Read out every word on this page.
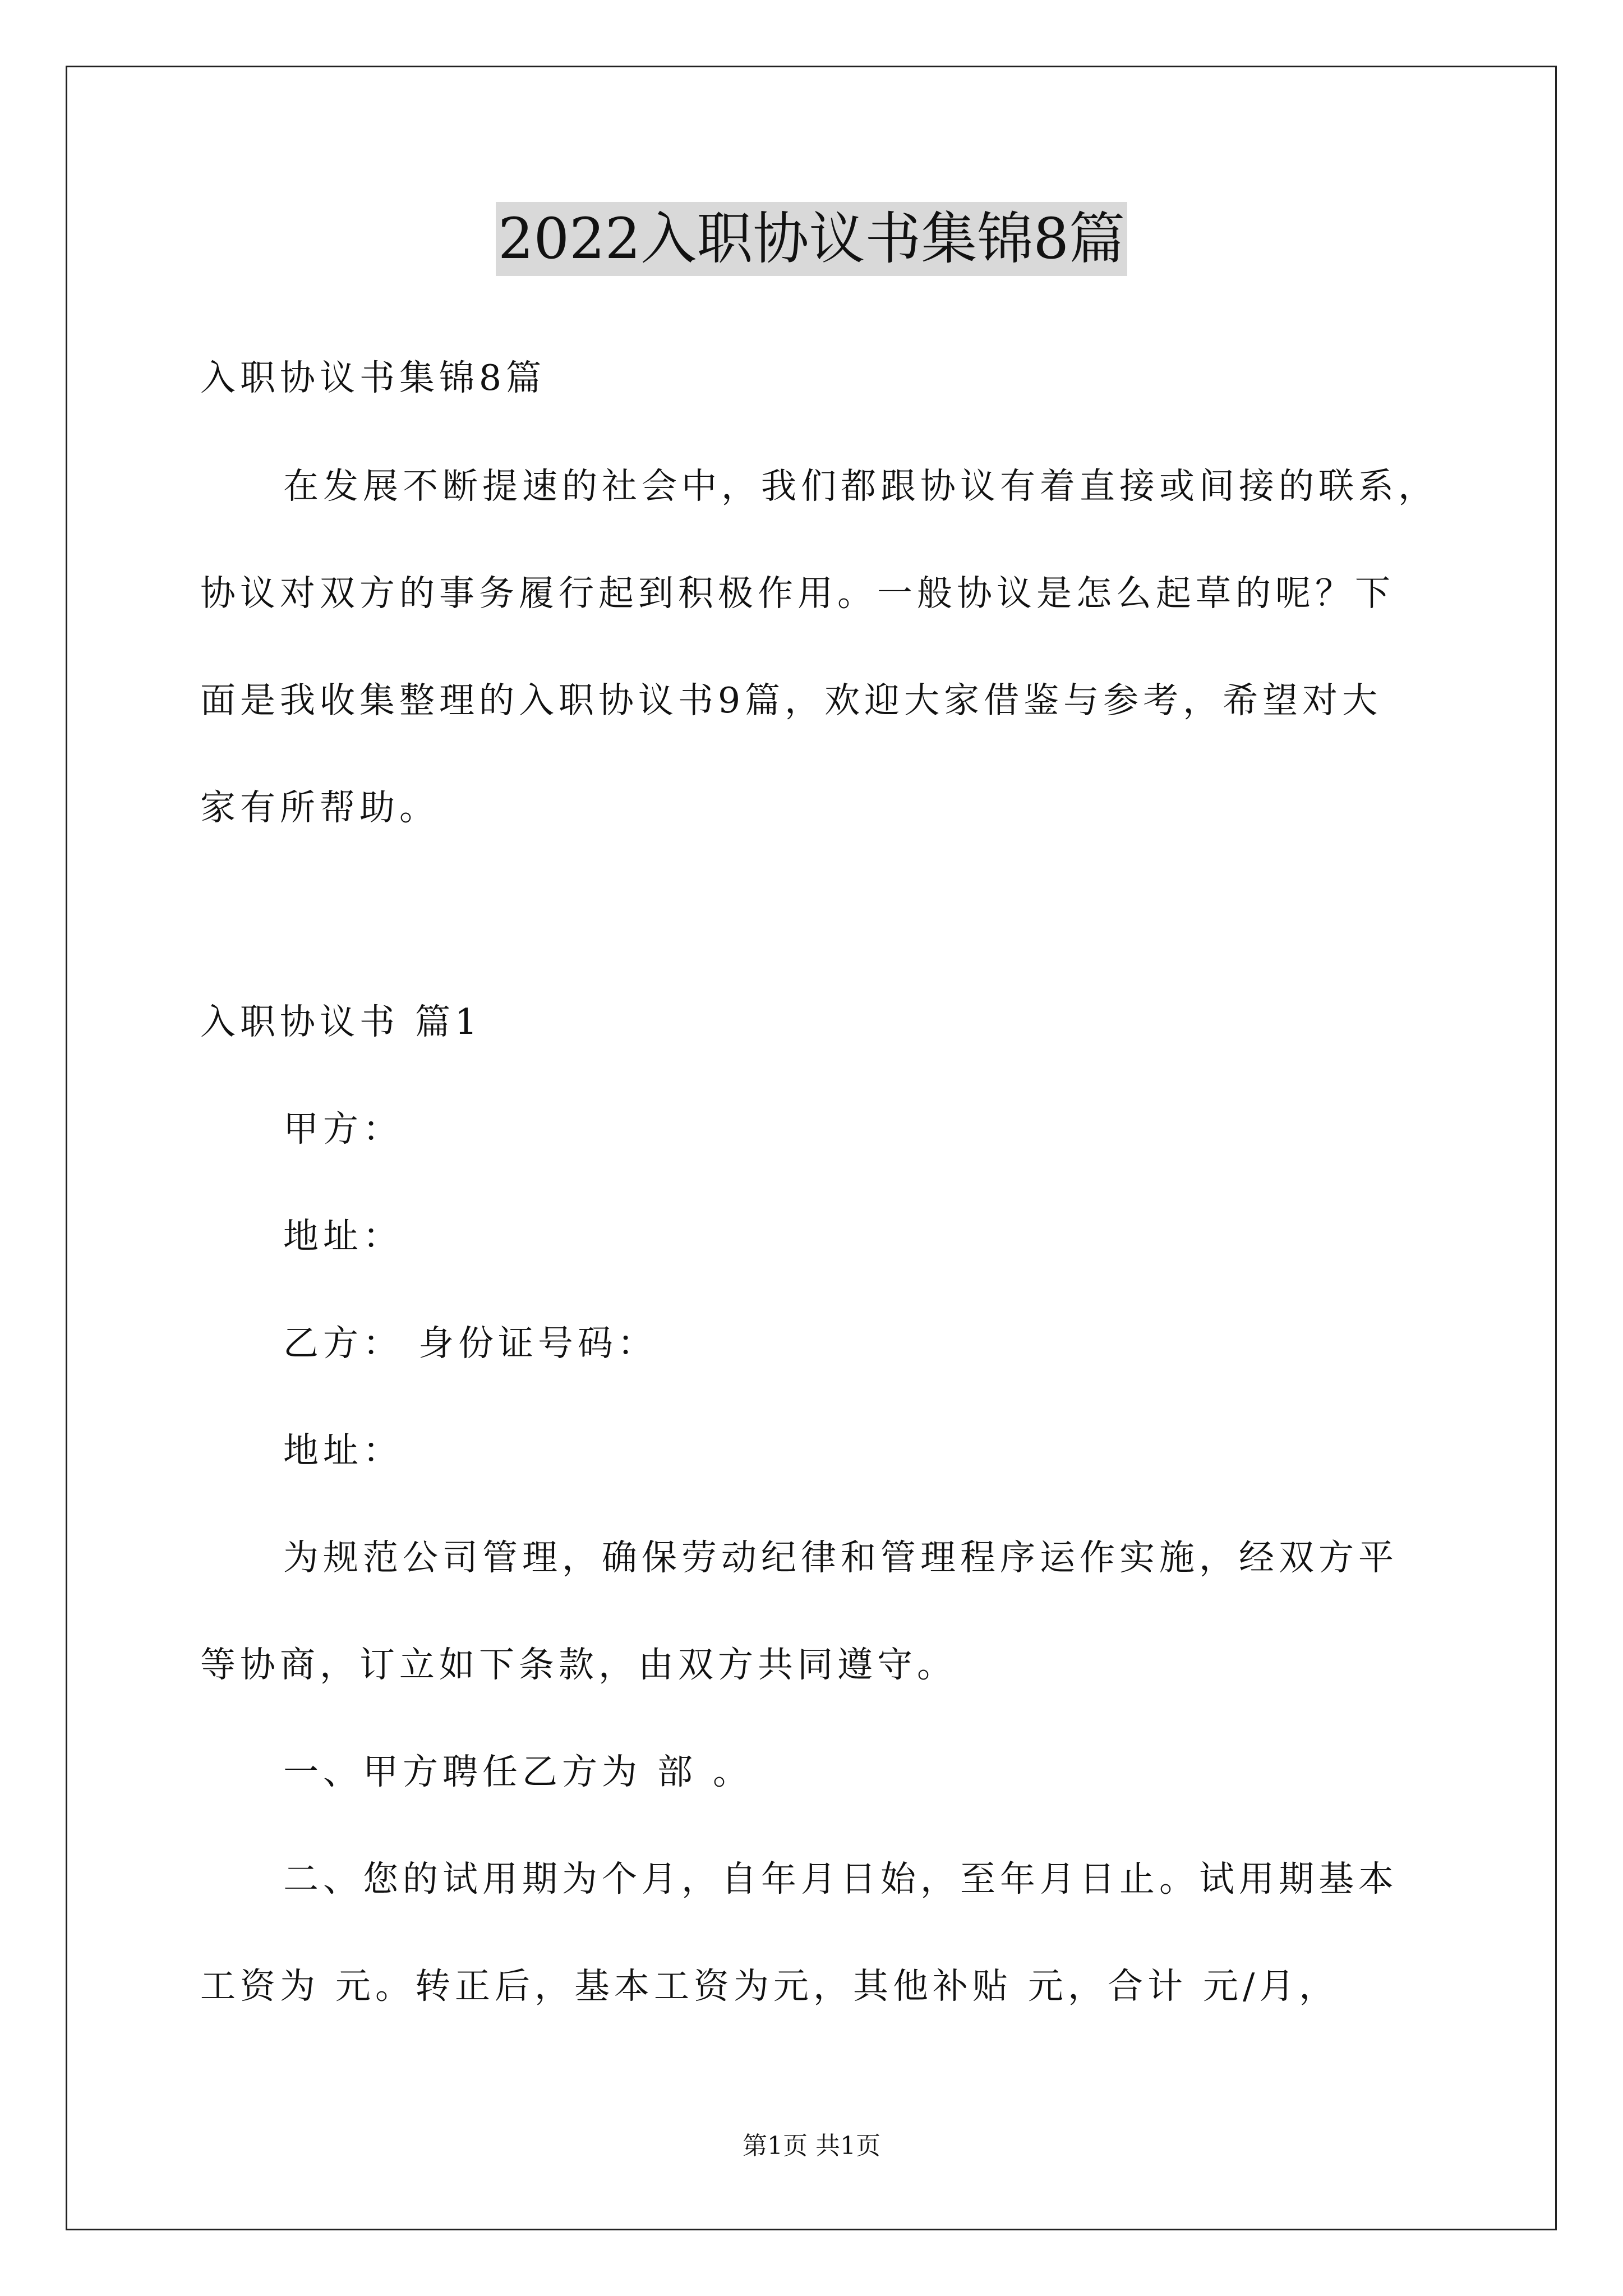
2022入职协议书集锦8篇
入职协议书集锦8篇
在发展不断提速的社会中，我们都跟协议有着直接或间接的联系，
协议对双方的事务履行起到积极作用。一般协议是怎么起草的呢？下
面是我收集整理的入职协议书9篇，欢迎大家借鉴与参考，希望对大
家有所帮助。
入职协议书 篇1
甲方：
地址：
乙方： 身份证号码：
地址：
为规范公司管理，确保劳动纪律和管理程序运作实施，经双方平
等协商，订立如下条款，由双方共同遵守。
一、甲方聘任乙方为 部 。
二、您的试用期为个月，自年月日始，至年月日止。试用期基本
工资为 元。转正后，基本工资为元，其他补贴 元，合计 元/月，
第1页 共1页
